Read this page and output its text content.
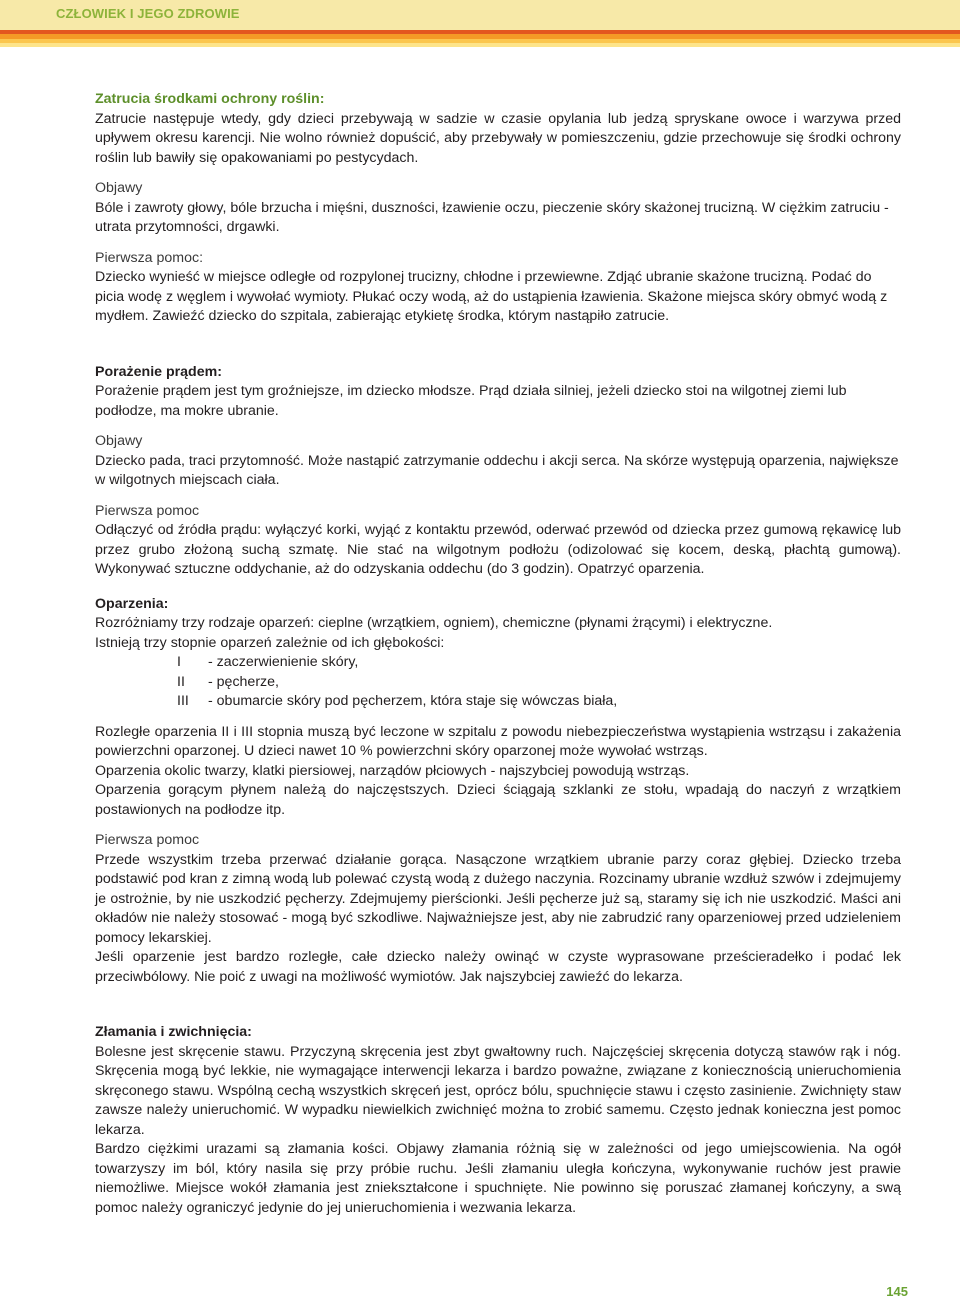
CZŁOWIEK I JEGO ZDROWIE

Zatrucia środkami ochrony roślin:

Zatrucie następuje wtedy, gdy dzieci przebywają w sadzie w czasie opylania lub jedzą spryskane owoce i warzywa przed upływem okresu karencji. Nie wolno również dopuścić, aby przebywały w pomieszczeniu, gdzie przechowuje się środki ochrony roślin lub bawiły się opakowaniami po pestycydach.

Objawy

Bóle i zawroty głowy, bóle brzucha i mięśni, duszności, łzawienie oczu, pieczenie skóry skażonej trucizną. W ciężkim zatruciu - utrata przytomności, drgawki.

Pierwsza pomoc:

Dziecko wynieść w miejsce odległe od rozpylonej trucizny, chłodne i przewiewne. Zdjąć ubranie skażone trucizną. Podać do picia wodę z węglem i wywołać wymioty. Płukać oczy wodą, aż do ustąpienia łzawienia. Skażone miejsca skóry obmyć wodą z mydłem. Zawieźć dziecko do szpitala, zabierając etykietę środka, którym nastąpiło zatrucie.

Porażenie prądem:

Porażenie prądem jest tym groźniejsze, im dziecko młodsze. Prąd działa silniej, jeżeli dziecko stoi na wilgotnej ziemi lub podłodze, ma mokre ubranie.

Objawy

Dziecko pada, traci przytomność. Może nastąpić zatrzymanie oddechu i akcji serca. Na skórze występują oparzenia, największe w wilgotnych miejscach ciała.

Pierwsza pomoc

Odłączyć od źródła prądu: wyłączyć korki, wyjąć z kontaktu przewód, oderwać przewód od dziecka przez gumową rękawicę lub przez grubo złożoną suchą szmatę. Nie stać na wilgotnym podłożu (odizolować się kocem, deską, płachtą gumową). Wykonywać sztuczne oddychanie, aż do odzyskania oddechu (do 3 godzin). Opatrzyć oparzenia.

Oparzenia:

Rozróżniamy trzy rodzaje oparzeń: cieplne (wrzątkiem, ogniem), chemiczne (płynami żrącymi) i elektryczne.

Istnieją trzy stopnie oparzeń zależnie od ich głębokości:

I	- zaczerwienienie skóry,
II	- pęcherze,
III	- obumarcie skóry pod pęcherzem, która staje się wówczas biała,

Rozległe oparzenia II i III stopnia muszą być leczone w szpitalu z powodu niebezpieczeństwa wystąpienia wstrząsu i zakażenia powierzchni oparzonej. U dzieci nawet 10 % powierzchni skóry oparzonej może wywołać wstrząs.

Oparzenia okolic twarzy, klatki piersiowej, narządów płciowych - najszybciej powodują wstrząs.

Oparzenia gorącym płynem należą do najczęstszych. Dzieci ściągają szklanki ze stołu, wpadają do naczyń z wrzątkiem postawionych na podłodze itp.

Pierwsza pomoc

Przede wszystkim trzeba przerwać działanie gorąca. Nasączone wrzątkiem ubranie parzy coraz głębiej. Dziecko trzeba podstawić pod kran z zimną wodą lub polewać czystą wodą z dużego naczynia. Rozcinamy ubranie wzdłuż szwów i zdejmujemy je ostrożnie, by nie uszkodzić pęcherzy. Zdejmujemy pierścionki. Jeśli pęcherze już są, staramy się ich nie uszkodzić. Maści ani okładów nie należy stosować - mogą być szkodliwe. Najważniejsze jest, aby nie zabrudzić rany oparzeniowej przed udzieleniem pomocy lekarskiej.

Jeśli oparzenie jest bardzo rozległe, całe dziecko należy owinąć w czyste wyprasowane prześcieradełko i podać lek przeciwbólowy. Nie poić z uwagi na możliwość wymiotów. Jak najszybciej zawieźć do lekarza.

Złamania i zwichnięcia:

Bolesne jest skręcenie stawu. Przyczyną skręcenia jest zbyt gwałtowny ruch. Najczęściej skręcenia dotyczą stawów rąk i nóg. Skręcenia mogą być lekkie, nie wymagające interwencji lekarza i bardzo poważne, związane z koniecznością unieruchomienia skręconego stawu. Wspólną cechą wszystkich skręceń jest, oprócz bólu, spuchnięcie stawu i często zasinienie. Zwichnięty staw zawsze należy unieruchomić. W wypadku niewielkich zwichnięć można to zrobić samemu. Często jednak konieczna jest pomoc lekarza.

Bardzo ciężkimi urazami są złamania kości. Objawy złamania różnią się w zależności od jego umiejscowienia. Na ogół towarzyszy im ból, który nasila się przy próbie ruchu. Jeśli złamaniu uległa kończyna, wykonywanie ruchów jest prawie niemożliwe. Miejsce wokół złamania jest zniekształcone i spuchnięte. Nie powinno się poruszać złamanej kończyny, a swą pomoc należy ograniczyć jedynie do jej unieruchomienia i wezwania lekarza.

145
